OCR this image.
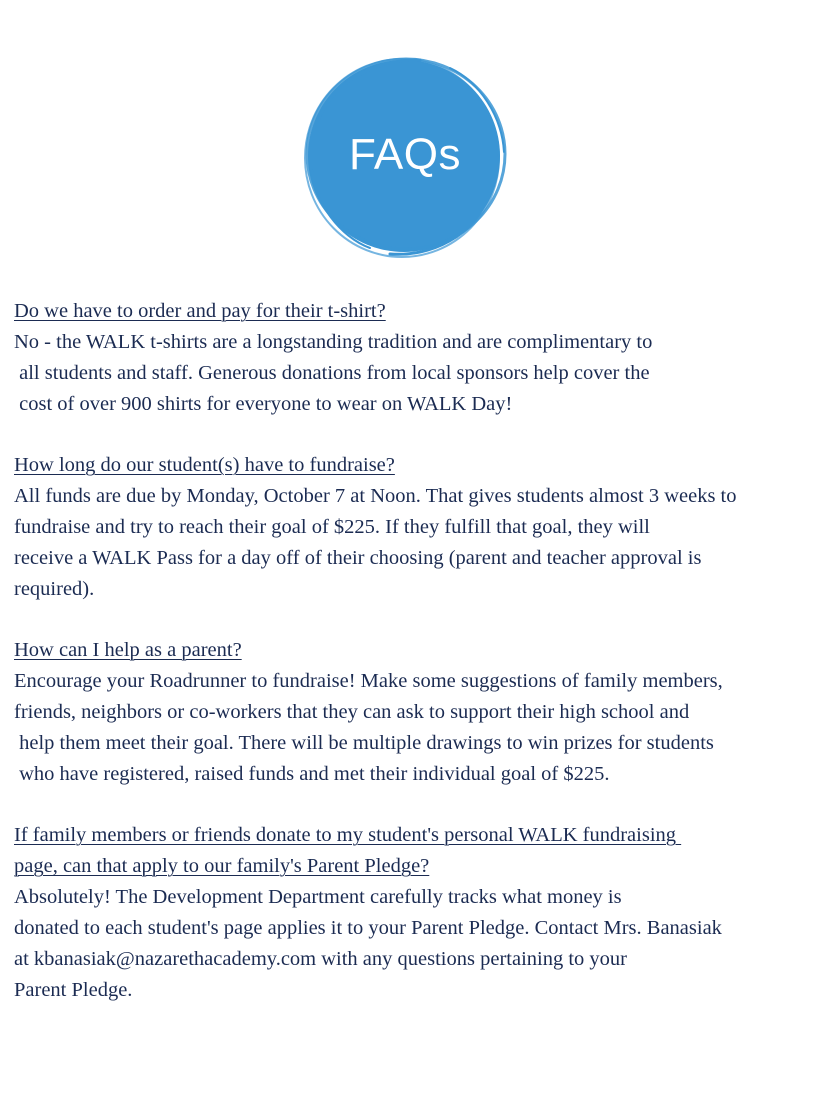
FAQs
Do we have to order and pay for their t-shirt?
No - the WALK t-shirts are a longstanding tradition and are complimentary to
all students and staff. Generous donations from local sponsors help cover the
cost of over 900 shirts for everyone to wear on WALK Day!
How long do our student(s) have to fundraise?
All funds are due by Monday, October 7 at Noon. That gives students almost 3 weeks to
fundraise and try to reach their goal of $225. If they fulfill that goal, they will
receive a WALK Pass for a day off of their choosing (parent and teacher approval is
required).
How can I help as a parent?
Encourage your Roadrunner to fundraise! Make some suggestions of family members,
friends, neighbors or co-workers that they can ask to support their high school and
help them meet their goal. There will be multiple drawings to win prizes for students
who have registered, raised funds and met their individual goal of $225.
If family members or friends donate to my student's personal WALK fundraising
page, can that apply to our family's Parent Pledge?
Absolutely! The Development Department carefully tracks what money is
donated to each student's page applies it to your Parent Pledge. Contact Mrs. Banasiak
at kbanasiak@nazarethacademy.com with any questions pertaining to your
Parent Pledge.
